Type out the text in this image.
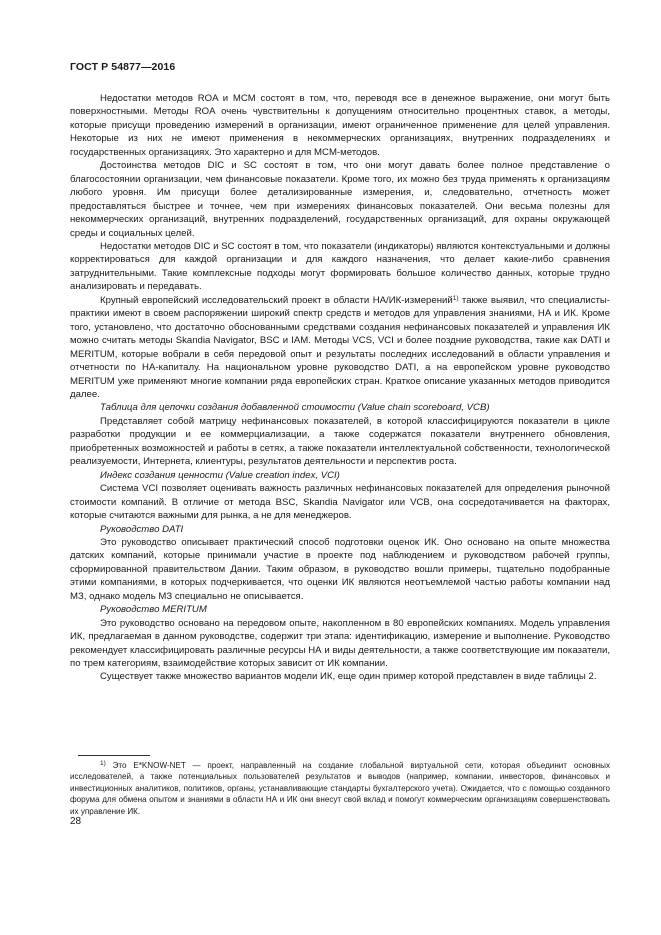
ГОСТ Р 54877—2016

Недостатки методов ROA и MCM состоят в том, что, переводя все в денежное выражение, они могут быть поверхностными. Методы ROA очень чувствительны к допущениям относительно процентных ставок, а методы, которые присущи проведению измерений в организации, имеют ограниченное применение для целей управления. Некоторые из них не имеют применения в некоммерческих организациях, внутренних подразделениях и государственных организациях. Это характерно и для MCM-методов.

Достоинства методов DIC и SC состоят в том, что они могут давать более полное представление о благосостоянии организации, чем финансовые показатели. Кроме того, их можно без труда применять к организациям любого уровня. Им присущи более детализированные измерения, и, следовательно, отчетность может предоставляться быстрее и точнее, чем при измерениях финансовых показателей. Они весьма полезны для некоммерческих организаций, внутренних подразделений, государственных организаций, для охраны окружающей среды и социальных целей.

Недостатки методов DIC и SC состоят в том, что показатели (индикаторы) являются контекстуальными и должны корректироваться для каждой организации и для каждого назначения, что делает какие-либо сравнения затруднительными. Такие комплексные подходы могут формировать большое количество данных, которые трудно анализировать и передавать.

Крупный европейский исследовательский проект в области НА/ИК-измерений$^{1)}$ также выявил, что специалисты-практики имеют в своем распоряжении широкий спектр средств и методов для управления знаниями, НА и ИК. Кроме того, установлено, что достаточно обоснованными средствами создания нефинансовых показателей и управления ИК можно считать методы Skandia Navigator, BSC и IAM. Методы VCS, VCI и более поздние руководства, такие как DATI и MERITUM, которые вобрали в себя передовой опыт и результаты последних исследований в области управления и отчетности по НА-капиталу. На национальном уровне руководство DATI, а на европейском уровне руководство MERITUM уже применяют многие компании ряда европейских стран. Краткое описание указанных методов приводится далее.

Таблица для цепочки создания добавленной стоимости (Value chain scoreboard, VCB)

Представляет собой матрицу нефинансовых показателей, в которой классифицируются показатели в цикле разработки продукции и ее коммерциализации, а также содержатся показатели внутреннего обновления, приобретенных возможностей и работы в сетях, а также показатели интеллектуальной собственности, технологической реализуемости, Интернета, клиентуры, результатов деятельности и перспектив роста.

Индекс создания ценности (Value creation index, VCI)

Система VCI позволяет оценивать важность различных нефинансовых показателей для определения рыночной стоимости компаний. В отличие от метода BSC, Skandia Navigator или VCB, она сосредотачивается на факторах, которые считаются важными для рынка, а не для менеджеров.

Руководство DATI

Это руководство описывает практический способ подготовки оценок ИК. Оно основано на опыте множества датских компаний, которые принимали участие в проекте под наблюдением и руководством рабочей группы, сформированной правительством Дании. Таким образом, в руководство вошли примеры, тщательно подобранные этими компаниями, в которых подчеркивается, что оценки ИК являются неотъемлемой частью работы компании над МЗ, однако модель МЗ специально не описывается.

Руководство MERITUM

Это руководство основано на передовом опыте, накопленном в 80 европейских компаниях. Модель управления ИК, предлагаемая в данном руководстве, содержит три этапа: идентификацию, измерение и выполнение. Руководство рекомендует классифицировать различные ресурсы НА и виды деятельности, а также соответствующие им показатели, по трем категориям, взаимодействие которых зависит от ИК компании.

Существует также множество вариантов модели ИК, еще один пример которой представлен в виде таблицы 2.

$^{1)}$ Это E*KNOW-NET — проект, направленный на создание глобальной виртуальной сети, которая объединит основных исследователей, а также потенциальных пользователей результатов и выводов (например, компании, инвесторов, финансовых и инвестиционных аналитиков, политиков, органы, устанавливающие стандарты бухгалтерского учета). Ожидается, что с помощью созданного форума для обмена опытом и знаниями в области НА и ИК они внесут свой вклад и помогут коммерческим организациям совершенствовать их управление ИК.

28
